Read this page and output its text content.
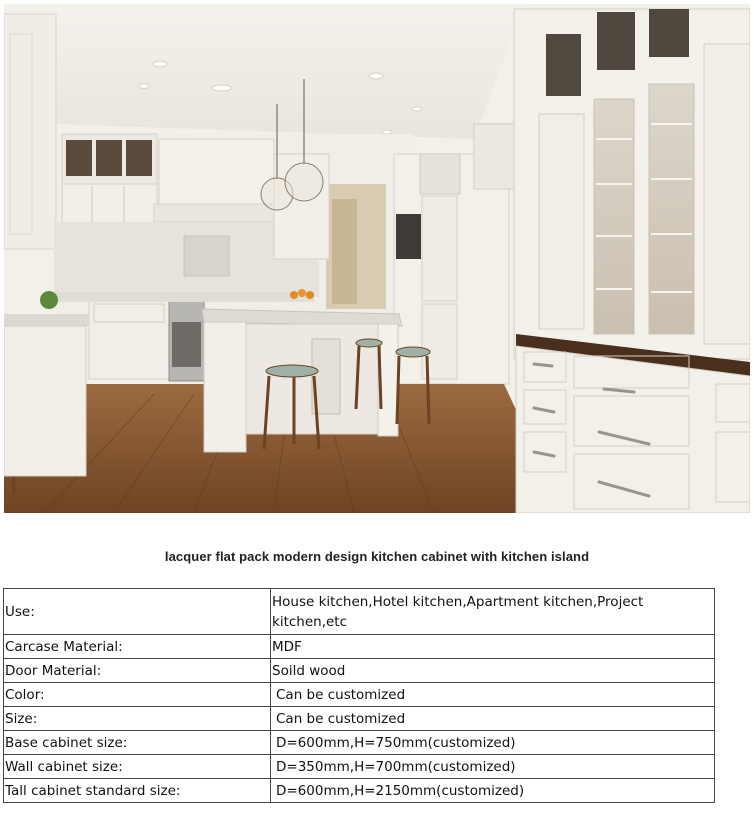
lacquer flat pack modern design kitchen cabinet with kitchen island
Use:	House kitchen,Hotel kitchen,Apartment kitchen,Project kitchen,etc
Carcase Material:	MDF
Door Material:	Soild wood
Color:	Can be customized
Size:	Can be customized
Base cabinet size:	D=600mm,H=750mm(customized)
Wall cabinet size:	D=350mm,H=700mm(customized)
Tall cabinet standard size:	D=600mm,H=2150mm(customized)
